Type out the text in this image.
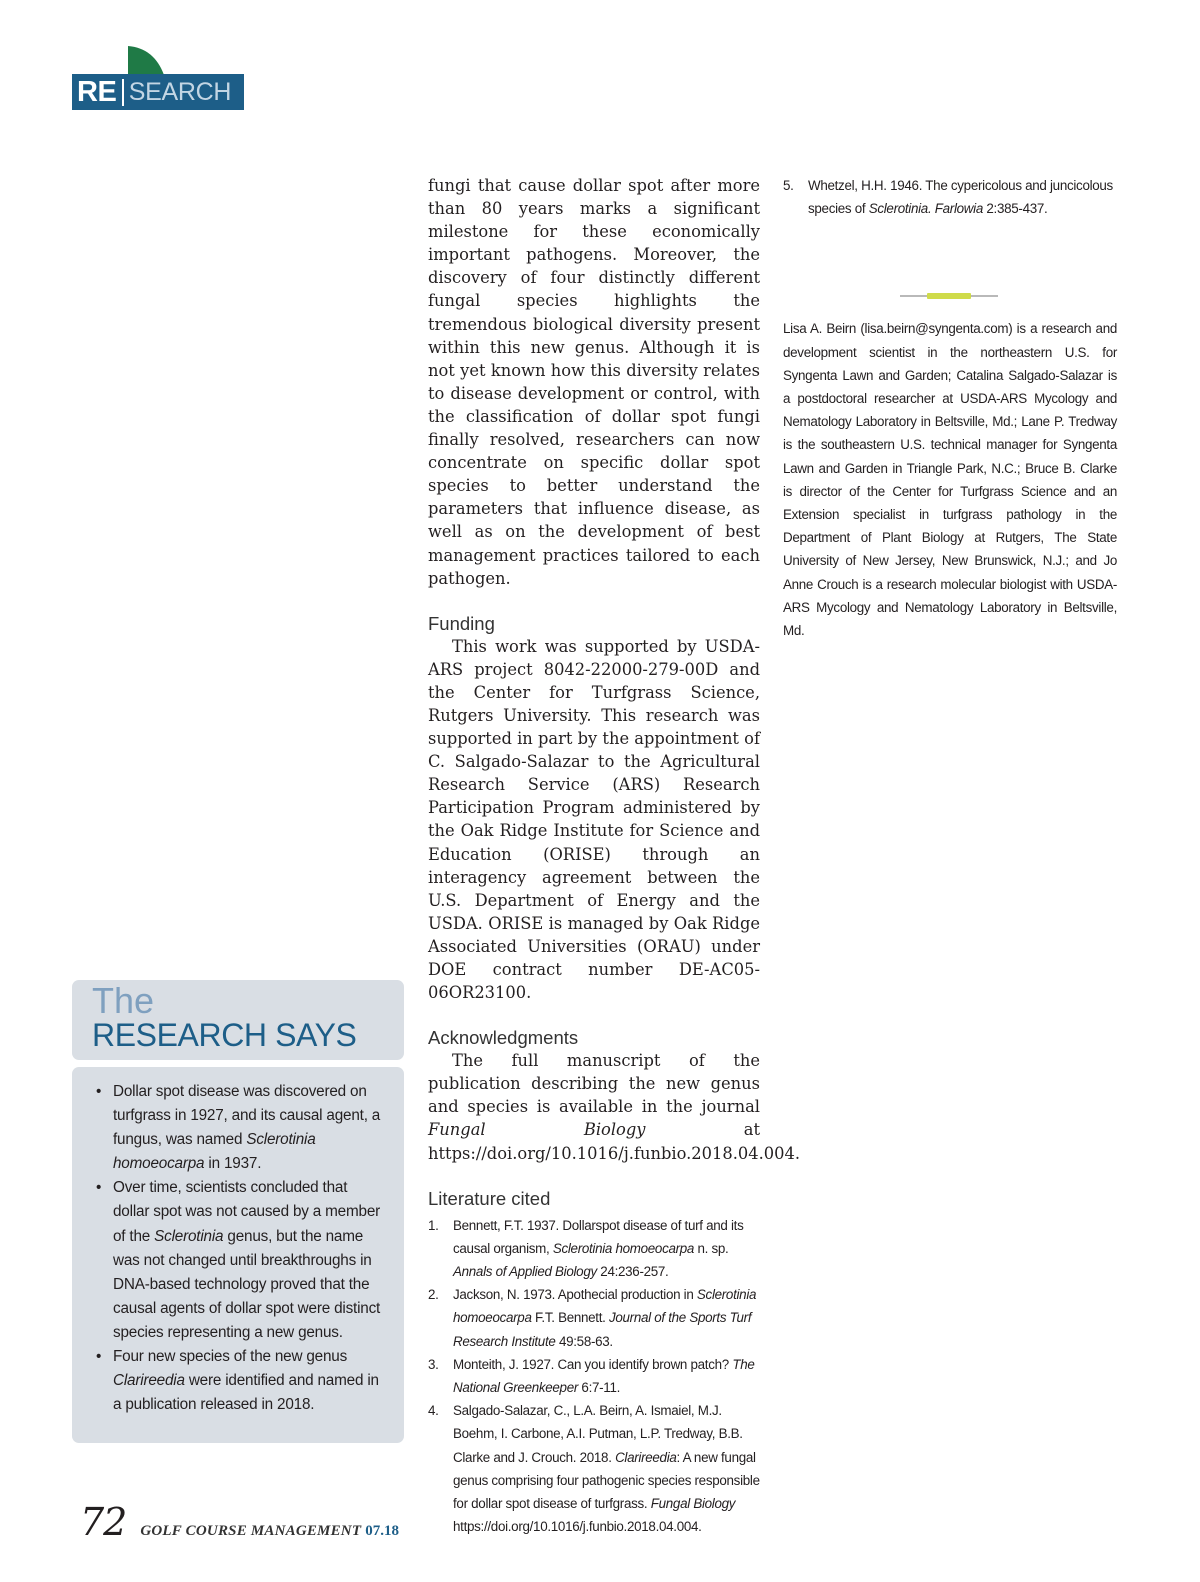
RE SEARCH

fungi that cause dollar spot after more than 80 years marks a significant milestone for these economically important pathogens. Moreover, the discovery of four distinctly different fungal species highlights the tremendous biological diversity present within this new genus. Although it is not yet known how this diversity relates to disease development or control, with the classification of dollar spot fungi finally resolved, researchers can now concentrate on specific dollar spot species to better understand the parameters that influence disease, as well as on the development of best management practices tailored to each pathogen.

Funding

This work was supported by USDA-ARS project 8042-22000-279-00D and the Center for Turfgrass Science, Rutgers University. This research was supported in part by the appointment of C. Salgado-Salazar to the Agricultural Research Service (ARS) Research Participation Program administered by the Oak Ridge Institute for Science and Education (ORISE) through an interagency agreement between the U.S. Department of Energy and the USDA. ORISE is managed by Oak Ridge Associated Universities (ORAU) under DOE contract number DE-AC05-06OR23100.

Acknowledgments

The full manuscript of the publication describing the new genus and species is available in the journal Fungal Biology at https://doi.org/10.1016/j.funbio.2018.04.004.

Literature cited
1. Bennett, F.T. 1937. Dollarspot disease of turf and its causal organism, Sclerotinia homoeocarpa n. sp. Annals of Applied Biology 24:236-257.
2. Jackson, N. 1973. Apothecial production in Sclerotinia homoeocarpa F.T. Bennett. Journal of the Sports Turf Research Institute 49:58-63.
3. Monteith, J. 1927. Can you identify brown patch? The National Greenkeeper 6:7-11.
4. Salgado-Salazar, C., L.A. Beirn, A. Ismaiel, M.J. Boehm, I. Carbone, A.I. Putman, L.P. Tredway, B.B. Clarke and J. Crouch. 2018. Clarireedia: A new fungal genus comprising four pathogenic species responsible for dollar spot disease of turfgrass. Fungal Biology https://doi.org/10.1016/j.funbio.2018.04.004.
5. Whetzel, H.H. 1946. The cypericolous and juncicolous species of Sclerotinia. Farlowia 2:385-437.

Lisa A. Beirn (lisa.beirn@syngenta.com) is a research and development scientist in the northeastern U.S. for Syngenta Lawn and Garden; Catalina Salgado-Salazar is a postdoctoral researcher at USDA-ARS Mycology and Nematology Laboratory in Beltsville, Md.; Lane P. Tredway is the southeastern U.S. technical manager for Syngenta Lawn and Garden in Triangle Park, N.C.; Bruce B. Clarke is director of the Center for Turfgrass Science and an Extension specialist in turfgrass pathology in the Department of Plant Biology at Rutgers, The State University of New Jersey, New Brunswick, N.J.; and Jo Anne Crouch is a research molecular biologist with USDA-ARS Mycology and Nematology Laboratory in Beltsville, Md.

The
RESEARCH SAYS
• Dollar spot disease was discovered on turfgrass in 1927, and its causal agent, a fungus, was named Sclerotinia homoeocarpa in 1937.
• Over time, scientists concluded that dollar spot was not caused by a member of the Sclerotinia genus, but the name was not changed until breakthroughs in DNA-based technology proved that the causal agents of dollar spot were distinct species representing a new genus.
• Four new species of the new genus Clarireedia were identified and named in a publication released in 2018.
72 GOLF COURSE MANAGEMENT 07.18
